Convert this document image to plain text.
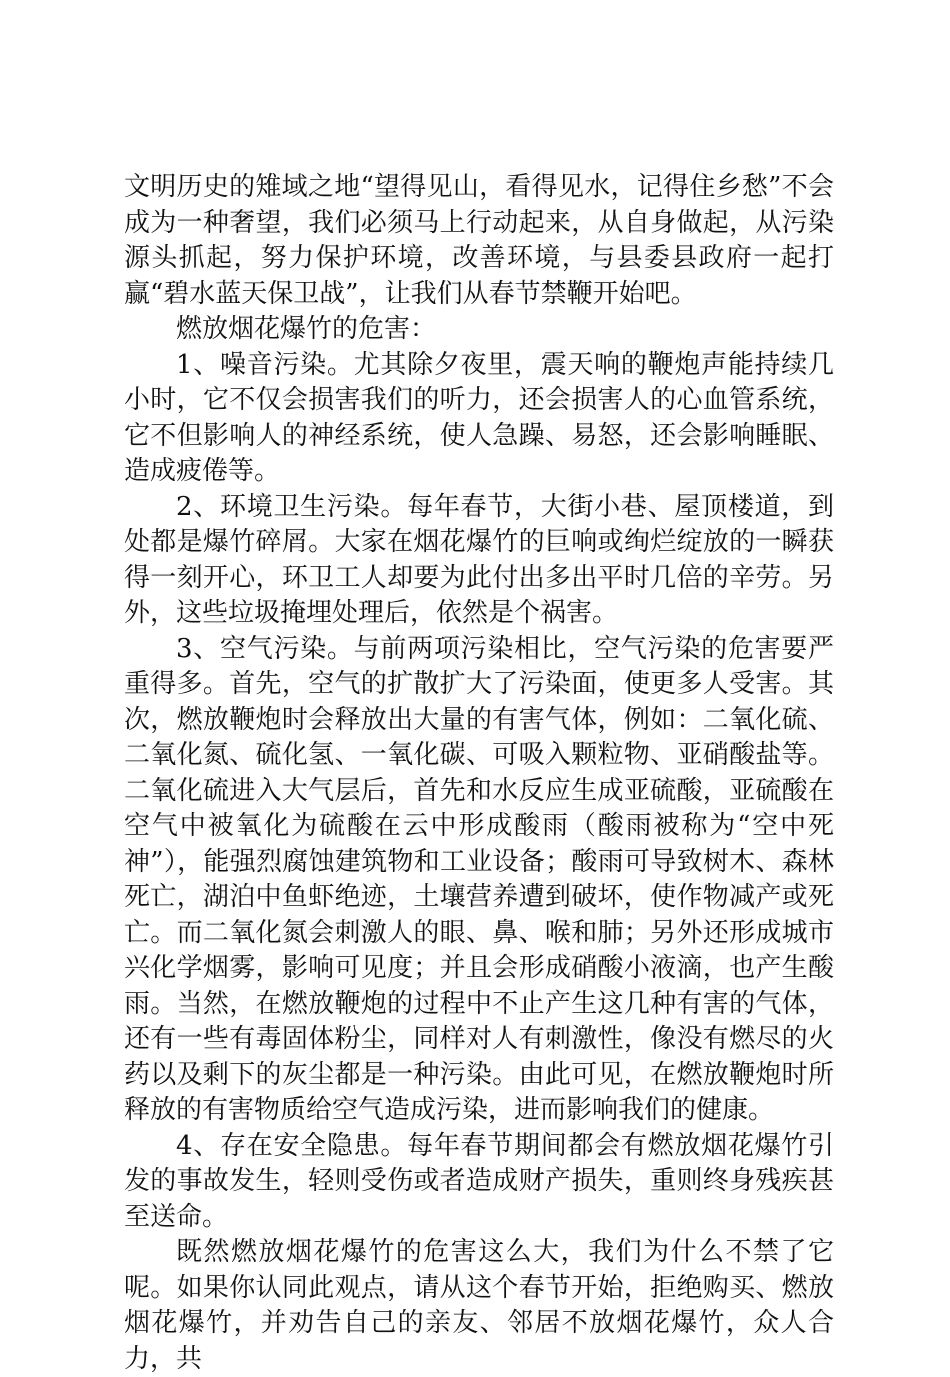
文明历史的雉域之地“望得见山，看得见水，记得住乡愁”不会成为一种奢望，我们必须马上行动起来，从自身做起，从污染源头抓起，努力保护环境，改善环境，与县委县政府一起打赢“碧水蓝天保卫战”，让我们从春节禁鞭开始吧。

燃放烟花爆竹的危害：

1、噪音污染。尤其除夕夜里，震天响的鞭炮声能持续几小时，它不仅会损害我们的听力，还会损害人的心血管系统，它不但影响人的神经系统，使人急躁、易怒，还会影响睡眠、造成疲倦等。

2、环境卫生污染。每年春节，大街小巷、屋顶楼道，到处都是爆竹碎屑。大家在烟花爆竹的巨响或绚烂绽放的一瞬获得一刻开心，环卫工人却要为此付出多出平时几倍的辛劳。另外，这些垃圾掩埋处理后，依然是个祸害。

3、空气污染。与前两项污染相比，空气污染的危害要严重得多。首先，空气的扩散扩大了污染面，使更多人受害。其次，燃放鞭炮时会释放出大量的有害气体，例如：二氧化硫、二氧化氮、硫化氢、一氧化碳、可吸入颗粒物、亚硝酸盐等。二氧化硫进入大气层后，首先和水反应生成亚硫酸，亚硫酸在空气中被氧化为硫酸在云中形成酸雨（酸雨被称为“空中死神”），能强烈腐蚀建筑物和工业设备；酸雨可导致树木、森林死亡，湖泊中鱼虾绝迹，土壤营养遭到破坏，使作物减产或死亡。而二氧化氮会刺激人的眼、鼻、喉和肺；另外还形成城市兴化学烟雾，影响可见度；并且会形成硝酸小液滴，也产生酸雨。当然，在燃放鞭炮的过程中不止产生这几种有害的气体，还有一些有毒固体粉尘，同样对人有刺激性，像没有燃尽的火药以及剩下的灰尘都是一种污染。由此可见，在燃放鞭炮时所释放的有害物质给空气造成污染，进而影响我们的健康。

4、存在安全隐患。每年春节期间都会有燃放烟花爆竹引发的事故发生，轻则受伤或者造成财产损失，重则终身残疾甚至送命。

既然燃放烟花爆竹的危害这么大，我们为什么不禁了它呢。如果你认同此观点，请从这个春节开始，拒绝购买、燃放烟花爆竹，并劝告自己的亲友、邻居不放烟花爆竹，众人合力，共
